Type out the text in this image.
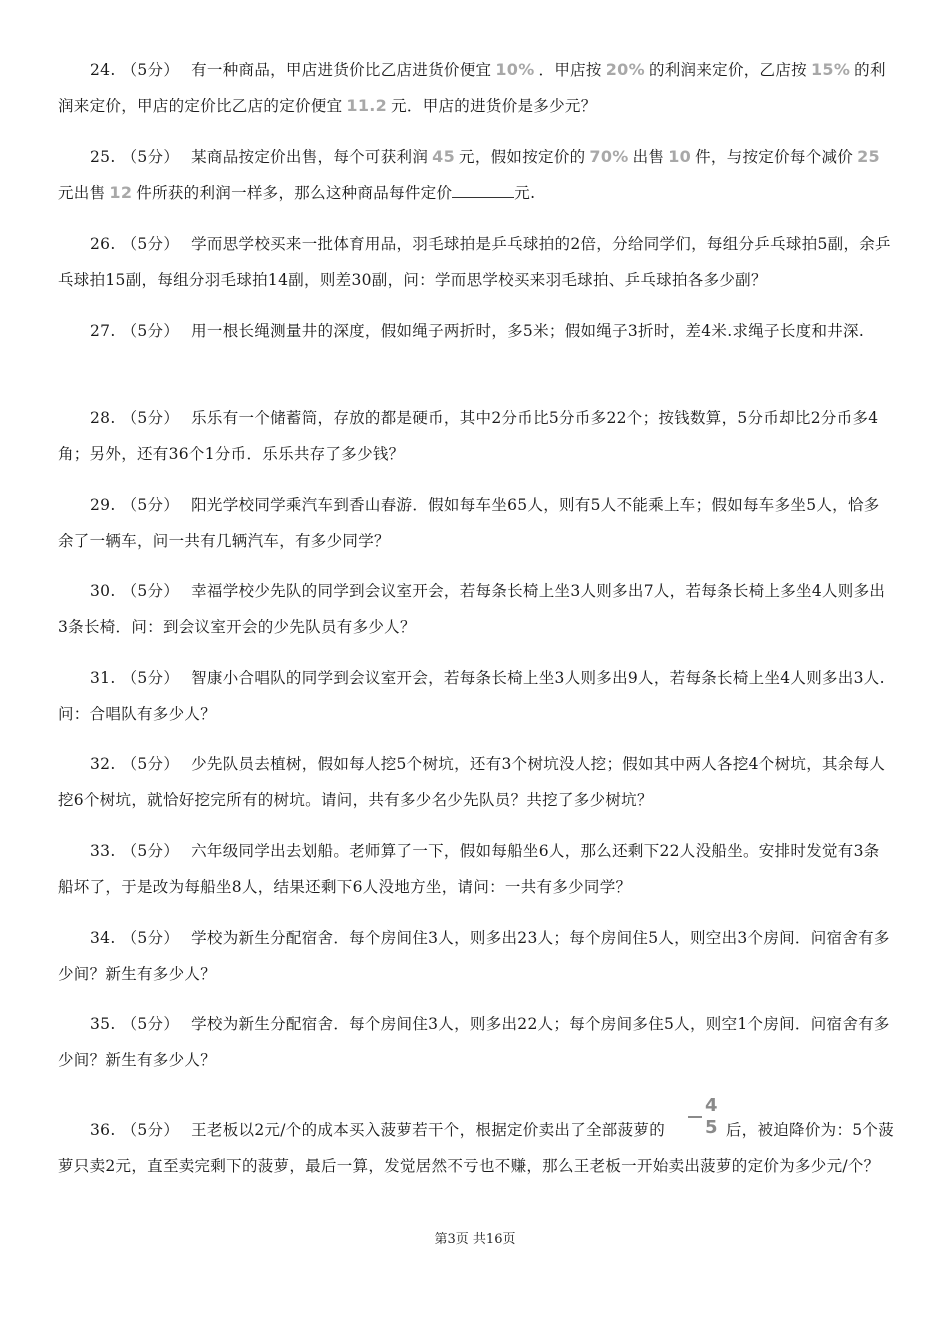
24. （5分） 有一种商品，甲店进货价比乙店进货价便宜 10% ．甲店按 20% 的利润来定价，乙店按 15% 的利润来定价，甲店的定价比乙店的定价便宜 11.2 元．甲店的进货价是多少元？

25. （5分） 某商品按定价出售，每个可获利润 45 元，假如按定价的 70% 出售 10 件，与按定价每个减价 25元出售 12 件所获的利润一样多，那么这种商品每件定价	元.

26. （5分） 学而思学校买来一批体育用品，羽毛球拍是乒乓球拍的2倍，分给同学们，每组分乒乓球拍5副，余乒乓球拍15副，每组分羽毛球拍14副，则差30副，问：学而思学校买来羽毛球拍、乒乓球拍各多少副？

27. （5分） 用一根长绳测量井的深度，假如绳子两折时，多5米；假如绳子3折时，差4米.求绳子长度和井深.

28. （5分） 乐乐有一个储蓄筒，存放的都是硬币，其中2分币比5分币多22个；按钱数算，5分币却比2分币多4角；另外，还有36个1分币．乐乐共存了多少钱？

29. （5分） 阳光学校同学乘汽车到香山春游．假如每车坐65人，则有5人不能乘上车；假如每车多坐5人，恰多余了一辆车，问一共有几辆汽车，有多少同学？

30. （5分） 幸福学校少先队的同学到会议室开会，若每条长椅上坐3人则多出7人，若每条长椅上多坐4人则多出3条长椅．问：到会议室开会的少先队员有多少人？

31. （5分） 智康小合唱队的同学到会议室开会，若每条长椅上坐3人则多出9人，若每条长椅上坐4人则多出3人.问：合唱队有多少人？

32. （5分） 少先队员去植树，假如每人挖5个树坑，还有3个树坑没人挖；假如其中两人各挖4个树坑，其余每人挖6个树坑，就恰好挖完所有的树坑。请问，共有多少名少先队员？共挖了多少树坑？

33. （5分） 六年级同学出去划船。老师算了一下，假如每船坐6人，那么还剩下22人没船坐。安排时发觉有3条船坏了，于是改为每船坐8人，结果还剩下6人没地方坐，请问：一共有多少同学？

34. （5分） 学校为新生分配宿舍．每个房间住3人，则多出23人；每个房间住5人，则空出3个房间．问宿舍有多少间？新生有多少人？

35. （5分） 学校为新生分配宿舍．每个房间住3人，则多出22人；每个房间多住5人，则空1个房间．问宿舍有多少间？新生有多少人？

36. （5分） 王老板以2元/个的成本买入菠萝若干个，根据定价卖出了全部菠萝的 $\frac{4}{5}$ 后，被迫降价为：5个菠萝只卖2元，直至卖完剩下的菠萝，最后一算，发觉居然不亏也不赚，那么王老板一开始卖出菠萝的定价为多少元/个？

第3页 共16页
